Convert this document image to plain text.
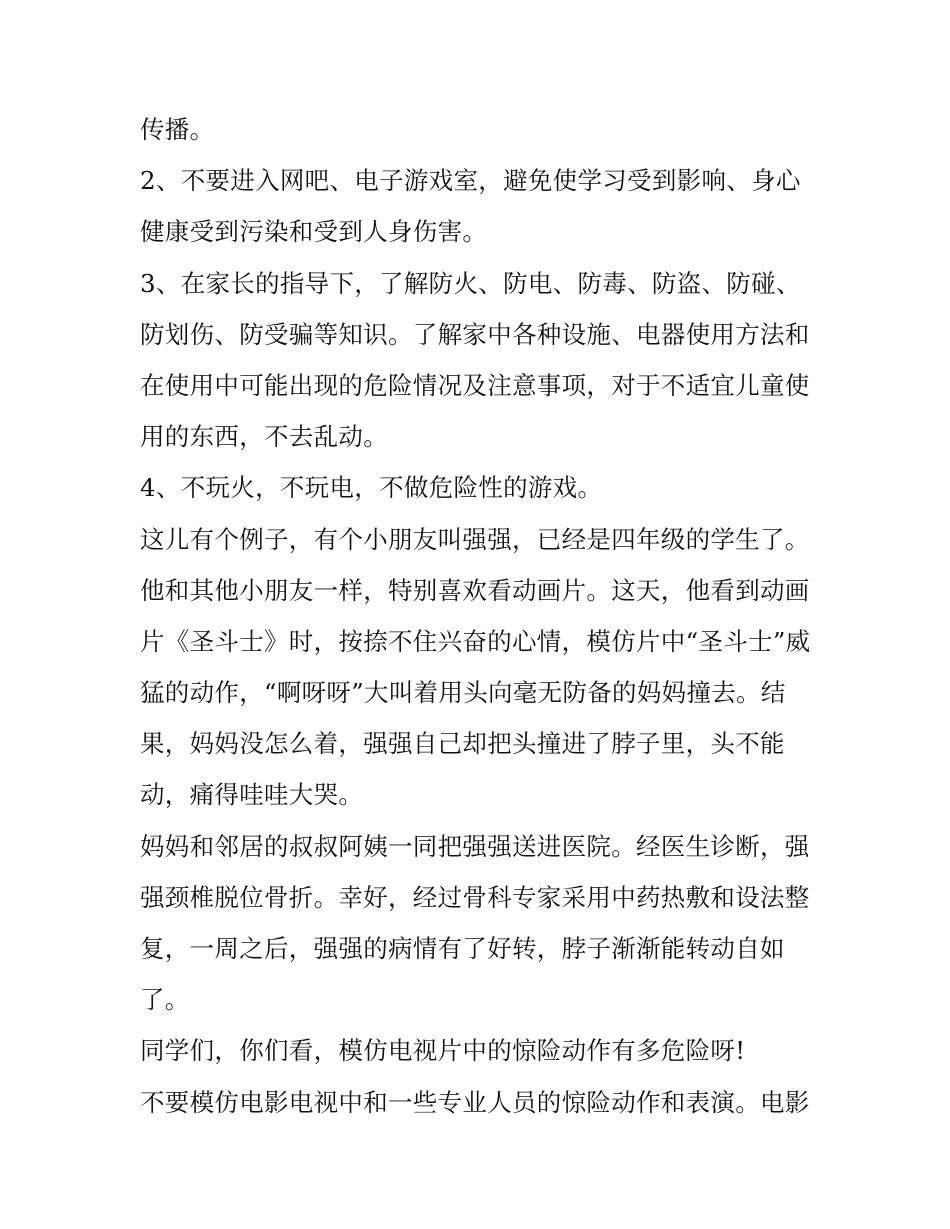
传播。
2、不要进入网吧、电子游戏室，避免使学习受到影响、身心
健康受到污染和受到人身伤害。
3、在家长的指导下，了解防火、防电、防毒、防盗、防碰、
防划伤、防受骗等知识。了解家中各种设施、电器使用方法和
在使用中可能出现的危险情况及注意事项，对于不适宜儿童使
用的东西，不去乱动。
4、不玩火，不玩电，不做危险性的游戏。
这儿有个例子，有个小朋友叫强强，已经是四年级的学生了。
他和其他小朋友一样，特别喜欢看动画片。这天，他看到动画
片《圣斗士》时，按捺不住兴奋的心情，模仿片中“圣斗士”威
猛的动作，“啊呀呀”大叫着用头向毫无防备的妈妈撞去。结
果，妈妈没怎么着，强强自己却把头撞进了脖子里，头不能
动，痛得哇哇大哭。
妈妈和邻居的叔叔阿姨一同把强强送进医院。经医生诊断，强
强颈椎脱位骨折。幸好，经过骨科专家采用中药热敷和设法整
复，一周之后，强强的病情有了好转，脖子渐渐能转动自如
了。
同学们，你们看，模仿电视片中的惊险动作有多危险呀!
不要模仿电影电视中和一些专业人员的惊险动作和表演。电影
